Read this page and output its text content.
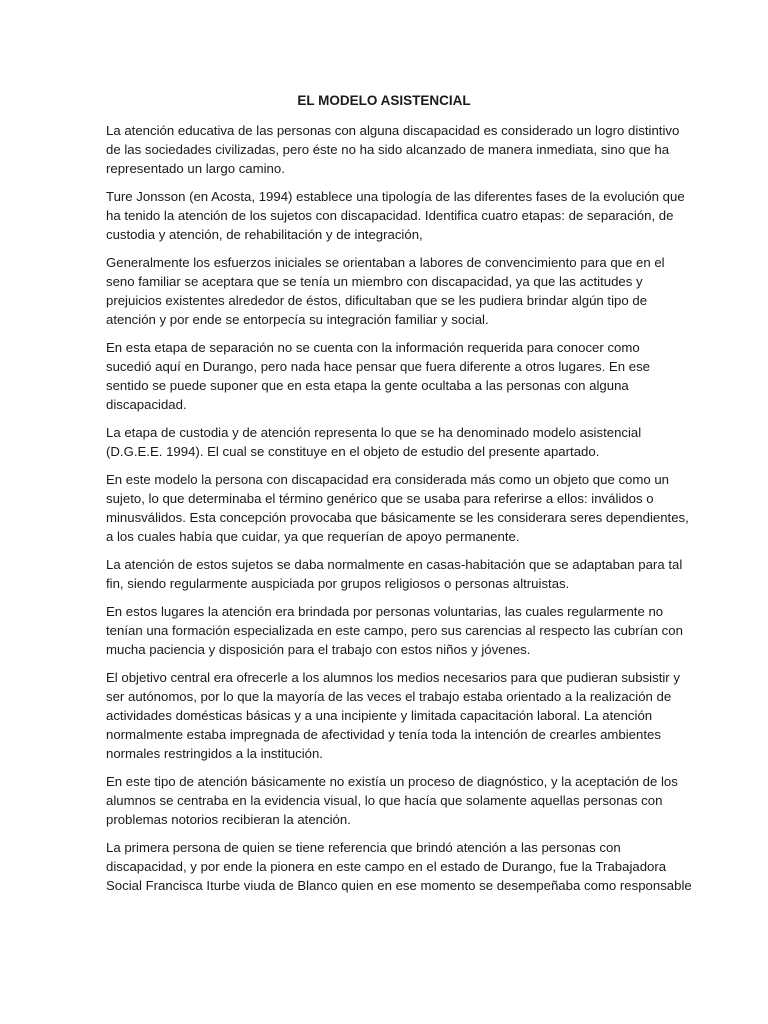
EL MODELO ASISTENCIAL

La atención educativa de las personas con alguna discapacidad es considerado un logro distintivo
de las sociedades civilizadas, pero éste no ha sido alcanzado de manera inmediata, sino que ha
representado un largo camino.

Ture Jonsson (en Acosta, 1994) establece una tipología de las diferentes fases de la evolución que
ha tenido la atención de los sujetos con discapacidad. Identifica cuatro etapas: de separación, de
custodia y atención, de rehabilitación y de integración,

Generalmente los esfuerzos iniciales se orientaban a labores de convencimiento para que en el
seno familiar se aceptara que se tenía un miembro con discapacidad, ya que las actitudes y
prejuicios existentes alrededor de éstos, dificultaban que se les pudiera brindar algún tipo de
atención y por ende se entorpecía su integración familiar y social.

En esta etapa de separación no se cuenta con la información requerida para conocer como
sucedió aquí en Durango, pero nada hace pensar que fuera diferente a otros lugares. En ese
sentido se puede suponer que en esta etapa la gente ocultaba a las personas con alguna
discapacidad.

La etapa de custodia y de atención representa lo que se ha denominado modelo asistencial
(D.G.E.E. 1994). El cual se constituye en el objeto de estudio del presente apartado.

En este modelo la persona con discapacidad era considerada más como un objeto que como un
sujeto, lo que determinaba el término genérico que se usaba para referirse a ellos: inválidos o
minusválidos. Esta concepción provocaba que básicamente se les considerara seres dependientes,
a los cuales había que cuidar, ya que requerían de apoyo permanente.

La atención de estos sujetos se daba normalmente en casas-habitación que se adaptaban para tal
fin, siendo regularmente auspiciada por grupos religiosos o personas altruistas.

En estos lugares la atención era brindada por personas voluntarias, las cuales regularmente no
tenían una formación especializada en este campo, pero sus carencias al respecto las cubrían con
mucha paciencia y disposición para el trabajo con estos niños y jóvenes.

El objetivo central era ofrecerle a los alumnos los medios necesarios para que pudieran subsistir y
ser autónomos, por lo que la mayoría de las veces el trabajo estaba orientado a la realización de
actividades domésticas básicas y a una incipiente y limitada capacitación laboral. La atención
normalmente estaba impregnada de afectividad y tenía toda la intención de crearles ambientes
normales restringidos a la institución.

En este tipo de atención básicamente no existía un proceso de diagnóstico, y la aceptación de los
alumnos se centraba en la evidencia visual, lo que hacía que solamente aquellas personas con
problemas notorios recibieran la atención.

La primera persona de quien se tiene referencia que brindó atención a las personas con
discapacidad, y por ende la pionera en este campo en el estado de Durango, fue la Trabajadora
Social Francisca Iturbe viuda de Blanco quien en ese momento se desempeñaba como responsable
